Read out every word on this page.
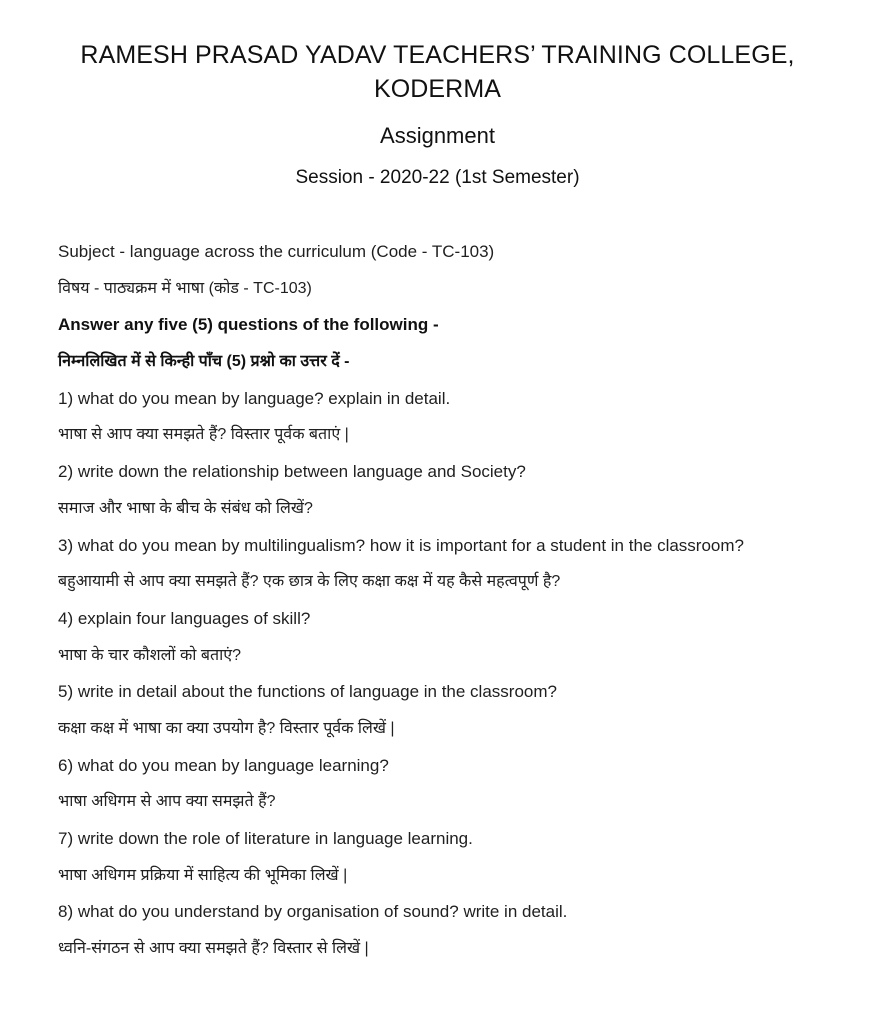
RAMESH PRASAD YADAV TEACHERS’ TRAINING COLLEGE, KODERMA
Assignment
Session - 2020-22 (1st Semester)
Subject - language across the curriculum (Code - TC-103)
विषय - पाठ्यक्रम में भाषा (कोड - TC-103)
Answer any five (5) questions of the following -
निम्नलिखित में से किन्ही पाँच (5) प्रश्नो का उत्तर दें -
1) what do you mean by language? explain in detail.
भाषा से आप क्या समझते हैं? विस्तार पूर्वक बताएं |
2) write down the relationship between language and Society?
समाज और भाषा के बीच के संबंध को लिखें?
3) what do you mean by multilingualism? how it is important for a student in the classroom?
बहुआयामी से आप क्या समझते हैं? एक छात्र के लिए कक्षा कक्ष में यह कैसे महत्वपूर्ण है?
4) explain four languages of skill?
भाषा के चार कौशलों को बताएं?
5) write in detail about the functions of language in the classroom?
कक्षा कक्ष में भाषा का क्या उपयोग है? विस्तार पूर्वक लिखें |
6) what do you mean by language learning?
भाषा अधिगम से आप क्या समझते हैं?
7) write down the role of literature in language learning.
भाषा अधिगम प्रक्रिया में साहित्य की भूमिका लिखें |
8) what do you understand by organisation of sound? write in detail.
ध्वनि-संगठन से आप क्या समझते हैं? विस्तार से लिखें |
